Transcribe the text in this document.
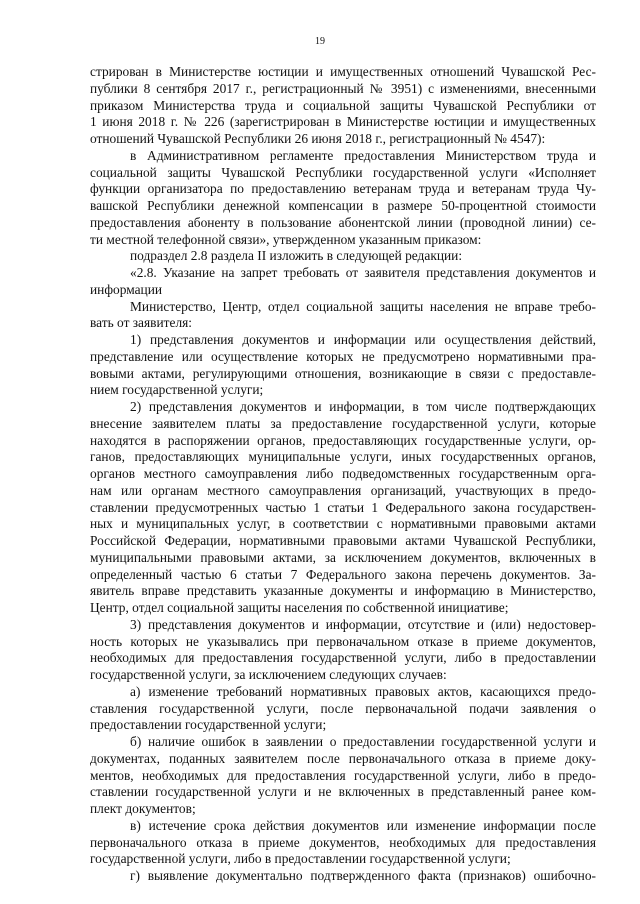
19
стрирован в Министерстве юстиции и имущественных отношений Чувашской Рес-
публики 8 сентября 2017 г., регистрационный № 3951) с изменениями, внесенными
приказом Министерства труда и социальной защиты Чувашской Республики от
1 июня 2018 г. № 226 (зарегистрирован в Министерстве юстиции и имущественных
отношений Чувашской Республики 26 июня 2018 г., регистрационный № 4547):
в Административном регламенте предоставления Министерством труда и
социальной защиты Чувашской Республики государственной услуги «Исполняет
функции организатора по предоставлению ветеранам труда и ветеранам труда Чу-
вашской Республики денежной компенсации в размере 50-процентной стоимости
предоставления абоненту в пользование абонентской линии (проводной линии) се-
ти местной телефонной связи», утвержденном указанным приказом:
подраздел 2.8 раздела II изложить в следующей редакции:
«2.8. Указание на запрет требовать от заявителя представления документов и
информации
Министерство, Центр, отдел социальной защиты населения не вправе требо-
вать от заявителя:
1) представления документов и информации или осуществления действий,
представление или осуществление которых не предусмотрено нормативными пра-
вовыми актами, регулирующими отношения, возникающие в связи с предоставле-
нием государственной услуги;
2) представления документов и информации, в том числе подтверждающих
внесение заявителем платы за предоставление государственной услуги, которые
находятся в распоряжении органов, предоставляющих государственные услуги, ор-
ганов, предоставляющих муниципальные услуги, иных государственных органов,
органов местного самоуправления либо подведомственных государственным орга-
нам или органам местного самоуправления организаций, участвующих в предо-
ставлении предусмотренных частью 1 статьи 1 Федерального закона государствен-
ных и муниципальных услуг, в соответствии с нормативными правовыми актами
Российской Федерации, нормативными правовыми актами Чувашской Республики,
муниципальными правовыми актами, за исключением документов, включенных в
определенный частью 6 статьи 7 Федерального закона перечень документов. За-
явитель вправе представить указанные документы и информацию в Министерство,
Центр, отдел социальной защиты населения по собственной инициативе;
3) представления документов и информации, отсутствие и (или) недостовер-
ность которых не указывались при первоначальном отказе в приеме документов,
необходимых для предоставления государственной услуги, либо в предоставлении
государственной услуги, за исключением следующих случаев:
а) изменение требований нормативных правовых актов, касающихся предо-
ставления государственной услуги, после первоначальной подачи заявления о
предоставлении государственной услуги;
б) наличие ошибок в заявлении о предоставлении государственной услуги и
документах, поданных заявителем после первоначального отказа в приеме доку-
ментов, необходимых для предоставления государственной услуги, либо в предо-
ставлении государственной услуги и не включенных в представленный ранее ком-
плект документов;
в) истечение срока действия документов или изменение информации после
первоначального отказа в приеме документов, необходимых для предоставления
государственной услуги, либо в предоставлении государственной услуги;
г) выявление документально подтвержденного факта (признаков) ошибочно-
